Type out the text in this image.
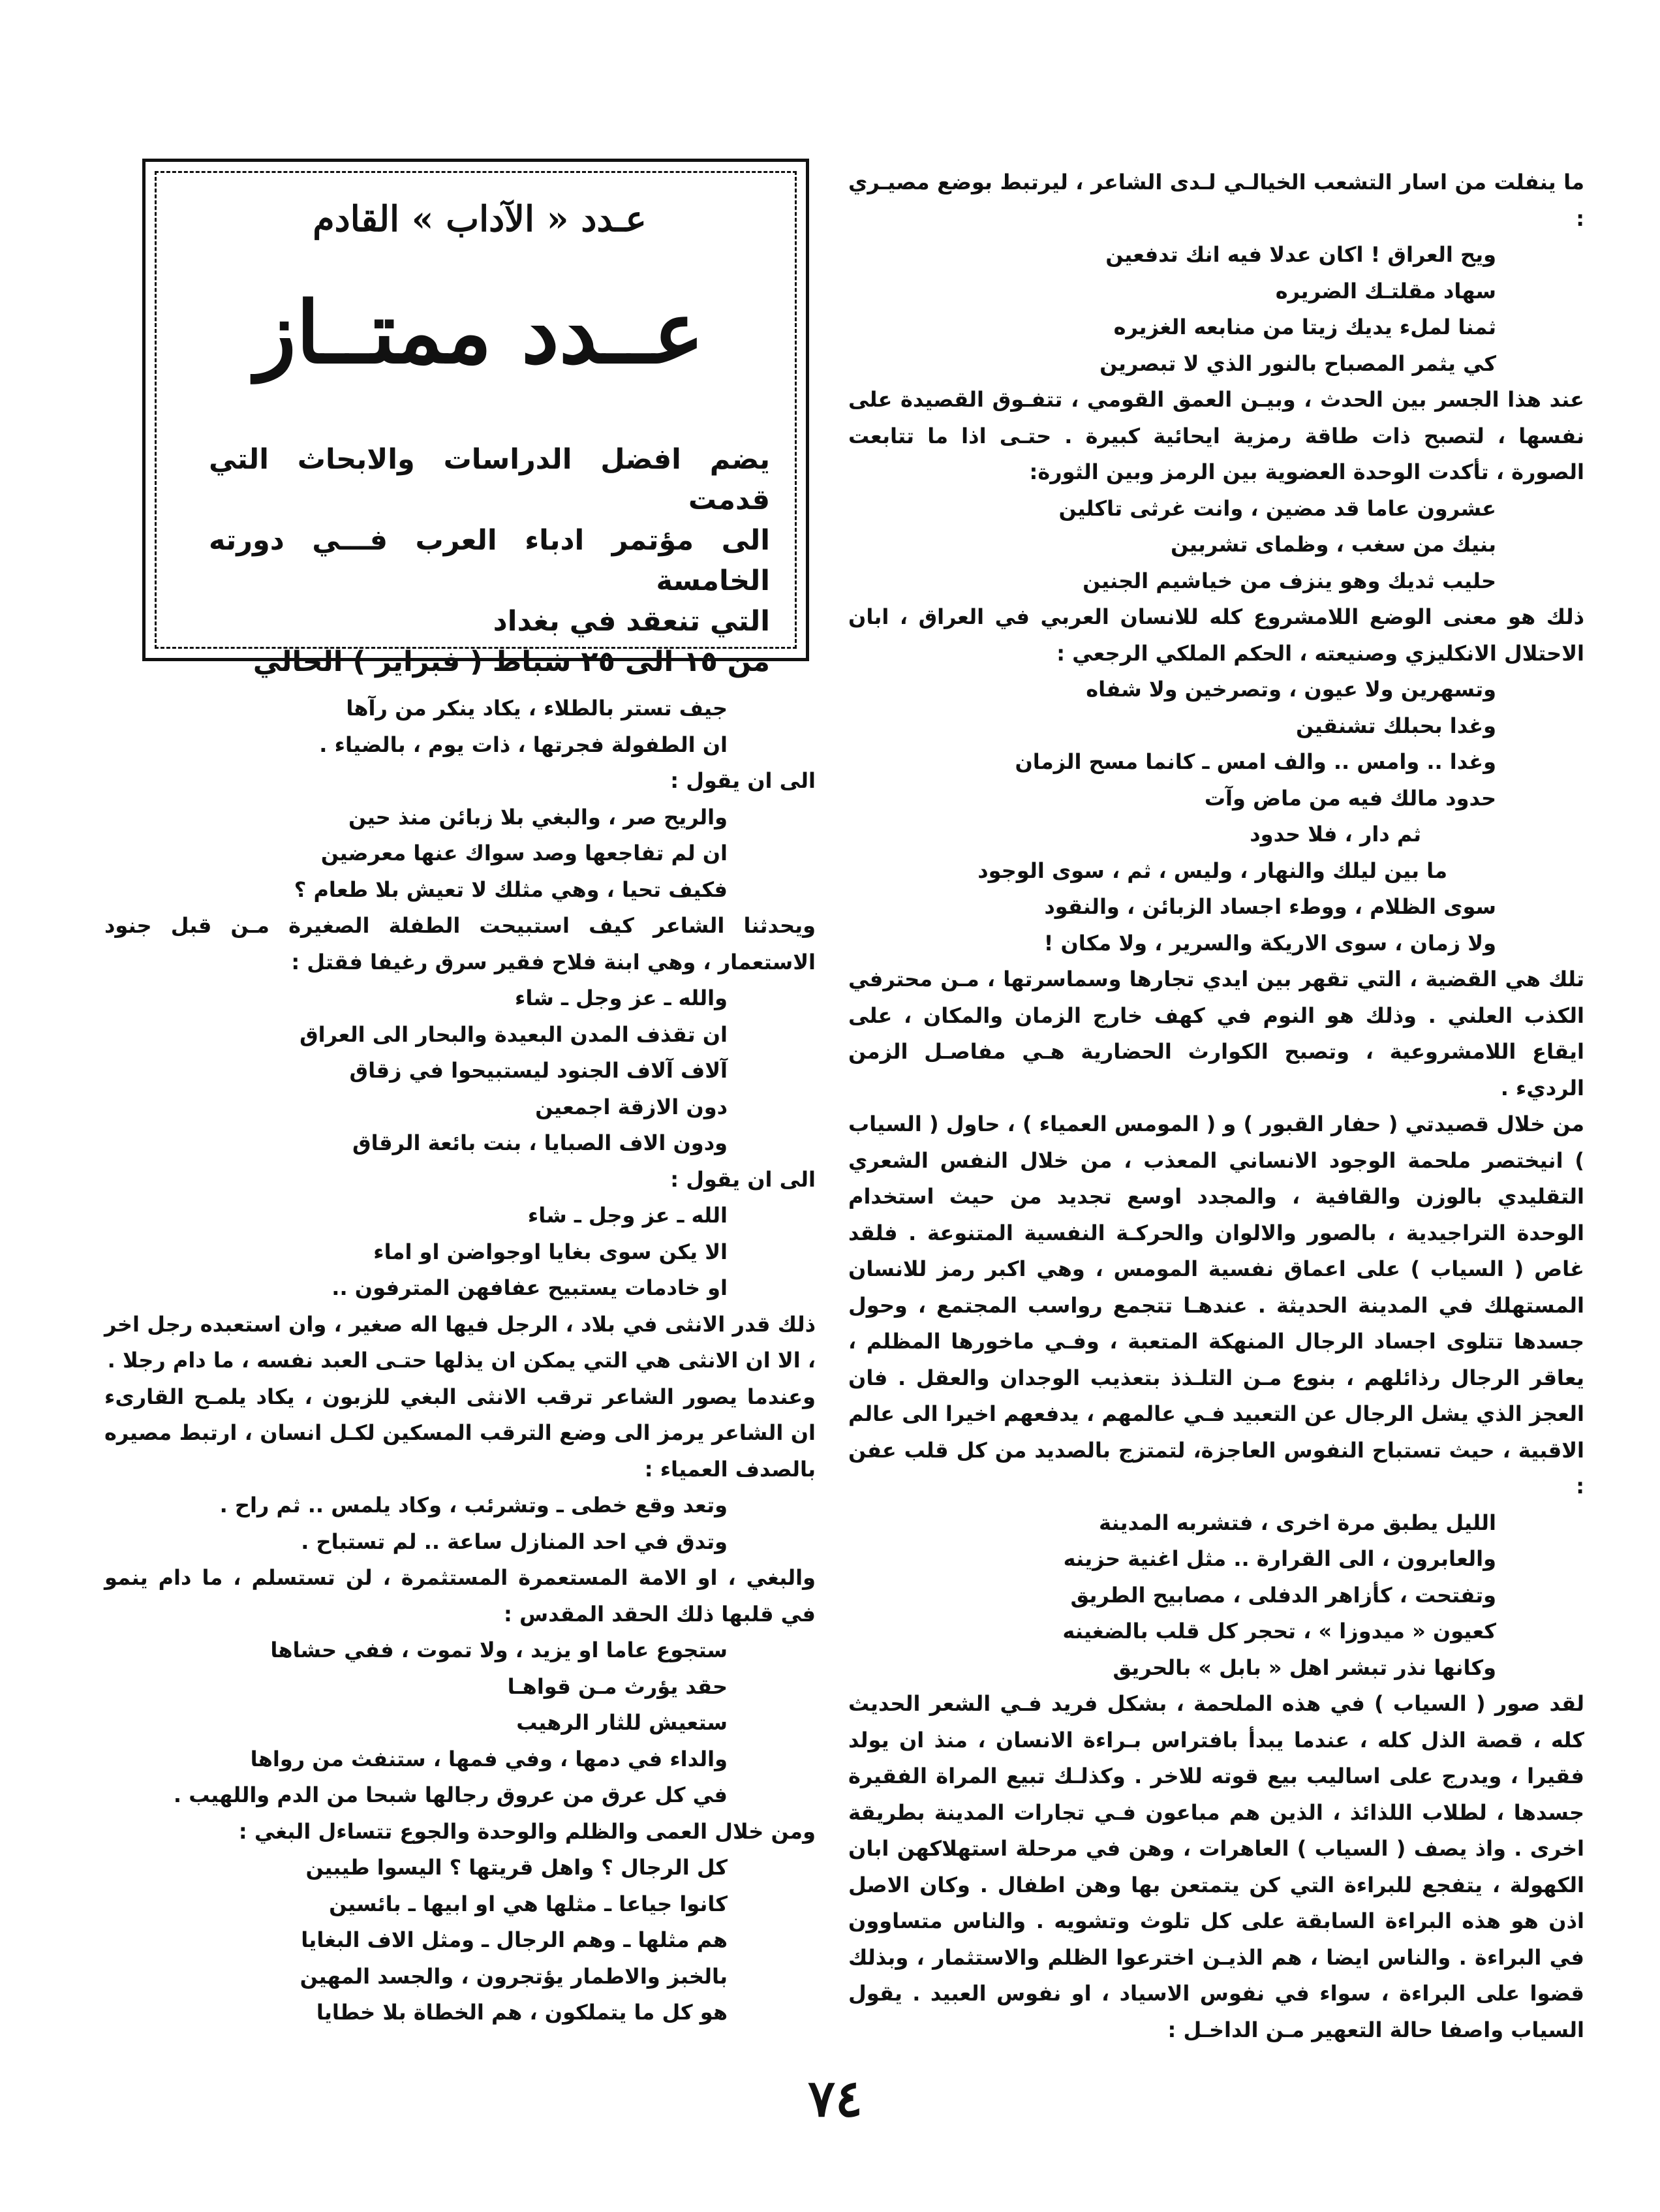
عـدد « الآداب » القادم
عــدد ممتــاز

يضم افضل الدراسات والابحاث التي قدمت

الى مؤتمر ادباء العرب فـــي دورته الخامسة

التي تنعقد في بغداد

من ١٥ الى ٢٥ شباط ( فبراير ) الحالي

ما ينفلت من اسار التشعب الخيالـي لـدى الشاعر ، ليرتبط بوضع مصيـري :

ويح العراق ! اكان عدلا فيه انك تدفعين

سهاد مقلتـك الضريره

ثمنا لملء يديك زيتا من منابعه الغزيره

كي يثمر المصباح بالنور الذي لا تبصرين

عند هذا الجسر بين الحدث ، وبيـن العمق القومي ، تتفـوق القصيدة على نفسها ، لتصبح ذات طاقة رمزية ايحائية كبيرة . حتـى اذا ما تتابعت الصورة ، تأكدت الوحدة العضوية بين الرمز وبين الثورة:

عشرون عاما قد مضين ، وانت غرثى تاكلين

بنيك من سغب ، وظماى تشربين

حليب ثديك وهو ينزف من خياشيم الجنين

ذلك هو معنى الوضع اللامشروع كله للانسان العربي في العراق ، ابان الاحتلال الانكليزي وصنيعته ، الحكم الملكي الرجعي :

وتسهرين ولا عيون ، وتصرخين ولا شفاه

وغدا بحبلك تشنقين

وغدا .. وامس .. والف امس ـ كانما مسح الزمان

حدود مالك فيه من ماض وآت

ثم دار ، فلا حدود

ما بين ليلك والنهار ، وليس ، ثم ، سوى الوجود

سوى الظلام ، ووطء اجساد الزبائن ، والنقود

ولا زمان ، سوى الاريكة والسرير ، ولا مكان !

تلك هي القضية ، التي تقهر بين ايدي تجارها وسماسرتها ، مـن محترفي الكذب العلني . وذلك هو النوم في كهف خارج الزمان والمكان ، على ايقاع اللامشروعية ، وتصبح الكوارث الحضارية هـي مفاصـل الزمن الرديء .

من خلال قصيدتي ( حفار القبور ) و ( المومس العمياء ) ، حاول ( السياب ) انيختصر ملحمة الوجود الانساني المعذب ، من خلال النفس الشعري التقليدي بالوزن والقافية ، والمجدد اوسع تجديد من حيث استخدام الوحدة التراجيدية ، بالصور والالوان والحركـة النفسية المتنوعة . فلقد غاص ( السياب ) على اعماق نفسية المومس ، وهي اكبر رمز للانسان المستهلك في المدينة الحديثة . عندهـا تتجمع رواسب المجتمع ، وحول جسدها تتلوى اجساد الرجال المنهكة المتعبة ، وفـي ماخورها المظلم ، يعاقر الرجال رذائلهم ، بنوع مـن التلـذذ بتعذيب الوجدان والعقل . فان العجز الذي يشل الرجال عن التعبيد فـي عالمهم ، يدفعهم اخيرا الى عالم الاقبية ، حيث تستباح النفوس العاجزة، لتمتزج بالصديد من كل قلب عفن :

الليل يطبق مرة اخرى ، فتشربه المدينة

والعابرون ، الى القرارة .. مثل اغنية حزينه

وتفتحت ، كأزاهر الدفلى ، مصابيح الطريق

كعيون « ميدوزا » ، تحجر كل قلب بالضغينه

وكانها نذر تبشر اهل « بابل » بالحريق

لقد صور ( السياب ) في هذه الملحمة ، بشكل فريد فـي الشعر الحديث كله ، قصة الذل كله ، عندما يبدأ بافتراس بـراءة الانسان ، منذ ان يولد فقيرا ، ويدرج على اساليب بيع قوته للاخر . وكذلـك تبيع المراة الفقيرة جسدها ، لطلاب اللذائذ ، الذين هم مباعون فـي تجارات المدينة بطريقة اخرى . واذ يصف ( السياب ) العاهرات ، وهن في مرحلة استهلاكهن ابان الكهولة ، يتفجع للبراءة التي كن يتمتعن بها وهن اطفال . وكان الاصل اذن هو هذه البراءة السابقة على كل تلوث وتشويه . والناس متساوون في البراءة . والناس ايضا ، هم الذيـن اخترعوا الظلم والاستثمار ، وبذلك قضوا على البراءة ، سواء في نفوس الاسياد ، او نفوس العبيد . يقول السياب واصفا حالة التعهير مـن الداخـل :

جيف تستر بالطلاء ، يكاد ينكر من رآها

ان الطفولة فجرتها ، ذات يوم ، بالضياء .

الى ان يقول :

والريح صر ، والبغي بلا زبائن منذ حين

ان لم تفاجعها وصد سواك عنها معرضين

فكيف تحيا ، وهي مثلك لا تعيش بلا طعام ؟

ويحدثنا الشاعر كيف استبيحت الطفلة الصغيرة مـن قبل جنود الاستعمار ، وهي ابنة فلاح فقير سرق رغيفا فقتل :

والله ـ عز وجل ـ شاء

ان تقذف المدن البعيدة والبحار الى العراق

آلاف آلاف الجنود ليستبيحوا في زقاق

دون الازقة اجمعين

ودون الاف الصبايا ، بنت بائعة الرقاق

الى ان يقول :

الله ـ عز وجل ـ شاء

الا يكن سوى بغايا اوجواضن او اماء

او خادمات يستبيح عفافهن المترفون ..

ذلك قدر الانثى في بلاد ، الرجل فيها اله صغير ، وان استعبده رجل اخر ، الا ان الانثى هي التي يمكن ان يذلها حتـى العبد نفسه ، ما دام رجلا .

وعندما يصور الشاعر ترقب الانثى البغي للزبون ، يكاد يلمـح القارىء ان الشاعر يرمز الى وضع الترقب المسكين لكـل انسان ، ارتبط مصيره بالصدف العمياء :

وتعد وقع خطى ـ وتشرئب ، وكاد يلمس .. ثم راح .

وتدق في احد المنازل ساعة .. لم تستباح .

والبغي ، او الامة المستعمرة المستثمرة ، لن تستسلم ، ما دام ينمو في قلبها ذلك الحقد المقدس :

ستجوع عاما او يزيد ، ولا تموت ، ففي حشاها

حقد يؤرث مـن قواهـا

ستعيش للثار الرهيب

والداء في دمها ، وفي فمها ، ستنفث من رواها

في كل عرق من عروق رجالها شبحا من الدم واللهيب .

ومن خلال العمى والظلم والوحدة والجوع تتساءل البغي :

كل الرجال ؟ واهل قريتها ؟ اليسوا طيبين

كانوا جياعا ـ مثلها هي او ابيها ـ بائسين

هم مثلها ـ وهم الرجال ـ ومثل الاف البغايا

بالخبز والاطمار يؤتجرون ، والجسد المهين

هو كل ما يتملكون ، هم الخطاة بلا خطايا

٧٤
